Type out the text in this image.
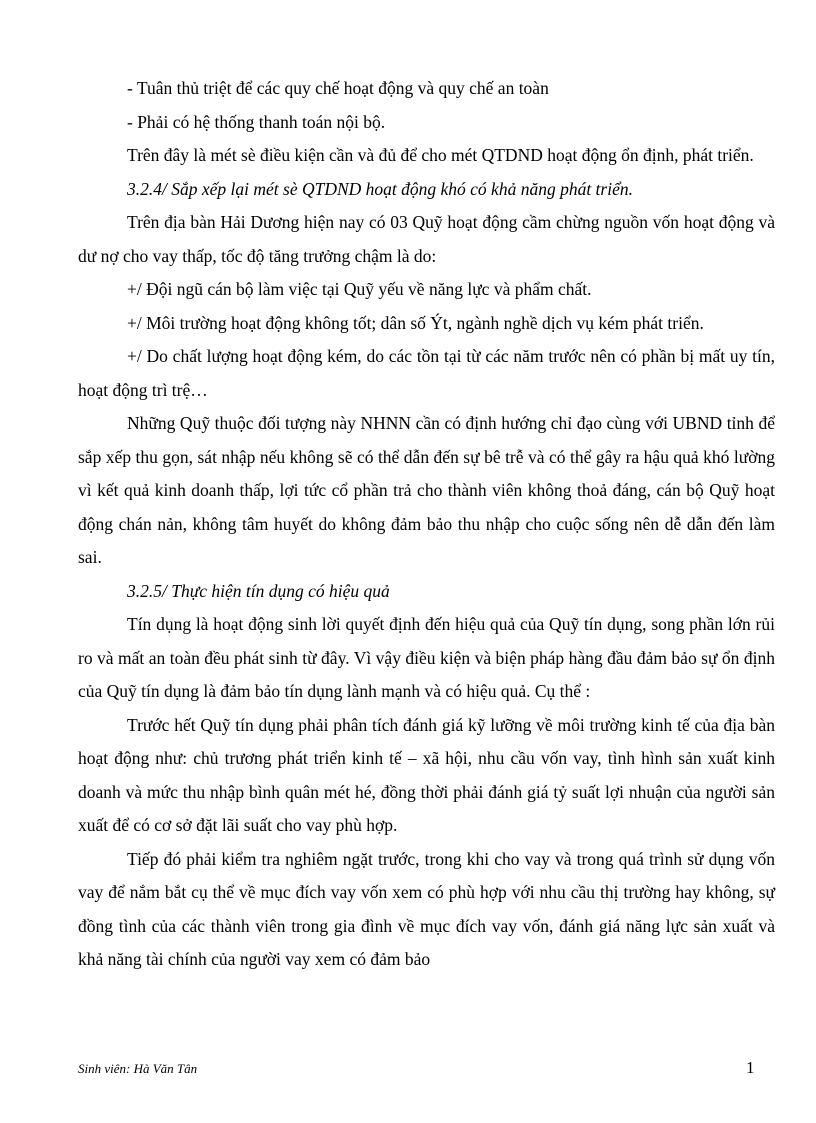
- Tuân thủ triệt để các quy chế hoạt động và quy chế an toàn

- Phải có hệ thống thanh toán nội bộ.

Trên đây là mét sè điều kiện cần và đủ để cho mét QTDND hoạt động ổn định, phát triển.

3.2.4/ Sắp xếp lại mét sè QTDND hoạt động khó có khả năng phát triển.

Trên địa bàn Hải Dương hiện nay có 03 Quỹ hoạt động cầm chừng nguồn vốn hoạt động và dư nợ cho vay thấp, tốc độ tăng trưởng chậm là do:

+/ Đội ngũ cán bộ làm việc tại Quỹ yếu về năng lực và phẩm chất.

+/ Môi trường hoạt động không tốt; dân số Ýt, ngành nghề dịch vụ kém phát triển.

+/ Do chất lượng hoạt động kém, do các tồn tại từ các năm trước nên có phần bị mất uy tín, hoạt động trì trệ…

Những Quỹ thuộc đối tượng này NHNN cần có định hướng chỉ đạo cùng với UBND tỉnh để sắp xếp thu gọn, sát nhập nếu không sẽ có thể dẫn đến sự bê trễ và có thể gây ra hậu quả khó lường vì kết quả kinh doanh thấp, lợi tức cổ phần trả cho thành viên không thoả đáng, cán bộ Quỹ hoạt động chán nản, không tâm huyết do không đảm bảo thu nhập cho cuộc sống nên dễ dẫn đến làm sai.

3.2.5/ Thực hiện tín dụng có hiệu quả

Tín dụng là hoạt động sinh lời quyết định đến hiệu quả của Quỹ tín dụng, song phần lớn rủi ro và mất an toàn đều phát sinh từ đây. Vì vậy điều kiện và biện pháp hàng đầu đảm bảo sự ổn định của Quỹ tín dụng là đảm bảo tín dụng lành mạnh và có hiệu quả. Cụ thể :

Trước hết Quỹ tín dụng phải phân tích đánh giá kỹ lưỡng về môi trường kinh tế của địa bàn hoạt động như: chủ trương phát triển kinh tế – xã hội, nhu cầu vốn vay, tình hình sản xuất kinh doanh và mức thu nhập bình quân mét hé, đồng thời phải đánh giá tỷ suất lợi nhuận của người sản xuất để có cơ sở đặt lãi suất cho vay phù hợp.

Tiếp đó phải kiểm tra nghiêm ngặt trước, trong khi cho vay và trong quá trình sử dụng vốn vay để nắm bắt cụ thể về mục đích vay vốn xem có phù hợp với nhu cầu thị trường hay không, sự đồng tình của các thành viên trong gia đình về mục đích vay vốn, đánh giá năng lực sản xuất và khả năng tài chính của người vay xem có đảm bảo

Sinh viên: Hà Văn Tân	1
